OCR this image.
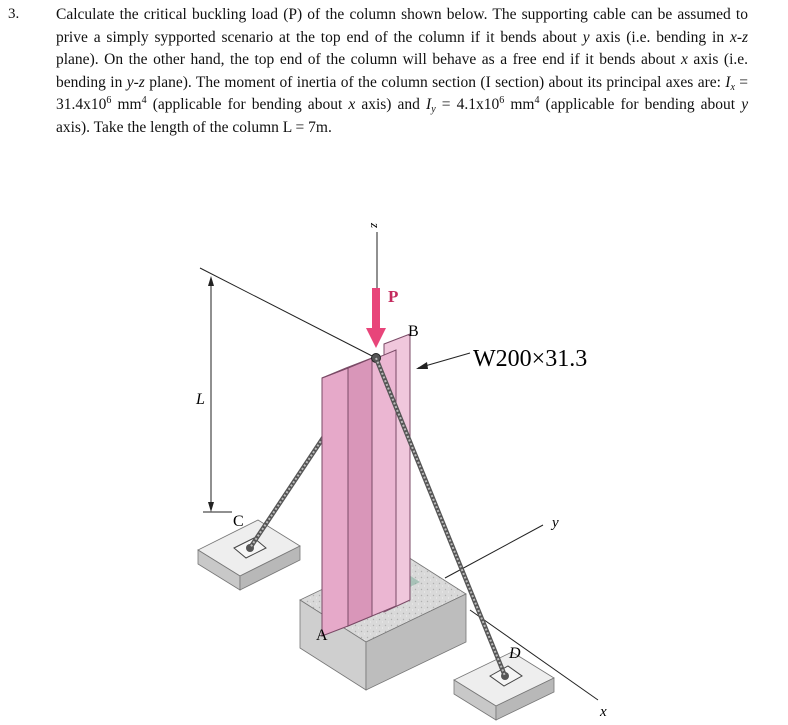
3. Calculate the critical buckling load (P) of the column shown below. The supporting cable can be assumed to prive a simply sypported scenario at the top end of the column if it bends about y axis (i.e. bending in x-z plane). On the other hand, the top end of the column will behave as a free end if it bends about x axis (i.e. bending in y-z plane). The moment of inertia of the column section (I section) about its principal axes are: $I_x = 31.4x10^6$ $mm^4$ (applicable for bending about x axis) and $I_y = 4.1x10^6$ $mm^4$ (applicable for bending about y axis). Take the length of the column L = 7m.
z
P
B
W200×31.3
L
C	y
A
D
x
